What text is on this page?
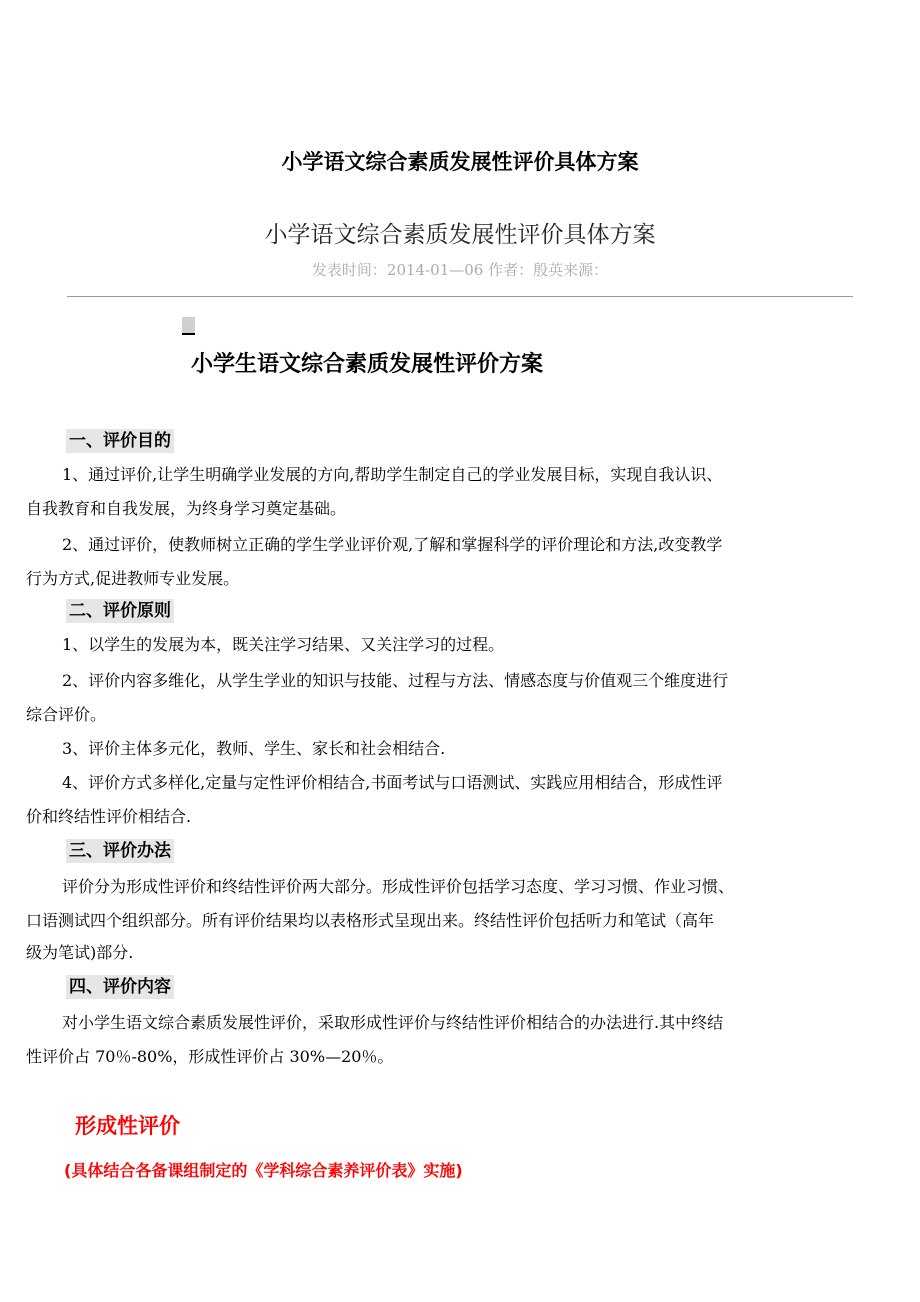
小学语文综合素质发展性评价具体方案
小学语文综合素质发展性评价具体方案
发表时间：2014-01—06 作者：殷英来源：
小学生语文综合素质发展性评价方案
一、评价目的
1、通过评价,让学生明确学业发展的方向,帮助学生制定自己的学业发展目标，实现自我认识、
自我教育和自我发展，为终身学习奠定基础。
2、通过评价，使教师树立正确的学生学业评价观,了解和掌握科学的评价理论和方法,改变教学
行为方式,促进教师专业发展。
二、评价原则
1、以学生的发展为本，既关注学习结果、又关注学习的过程。
2、评价内容多维化，从学生学业的知识与技能、过程与方法、情感态度与价值观三个维度进行
综合评价。
3、评价主体多元化，教师、学生、家长和社会相结合.
4、评价方式多样化,定量与定性评价相结合,书面考试与口语测试、实践应用相结合，形成性评
价和终结性评价相结合.
三、评价办法
评价分为形成性评价和终结性评价两大部分。形成性评价包括学习态度、学习习惯、作业习惯、
口语测试四个组织部分。所有评价结果均以表格形式呈现出来。终结性评价包括听力和笔试（高年
级为笔试)部分.
四、评价内容
对小学生语文综合素质发展性评价，采取形成性评价与终结性评价相结合的办法进行.其中终结
性评价占 70％-80%，形成性评价占 30%—20％。
形成性评价
(具体结合各备课组制定的《学科综合素养评价表》实施)
